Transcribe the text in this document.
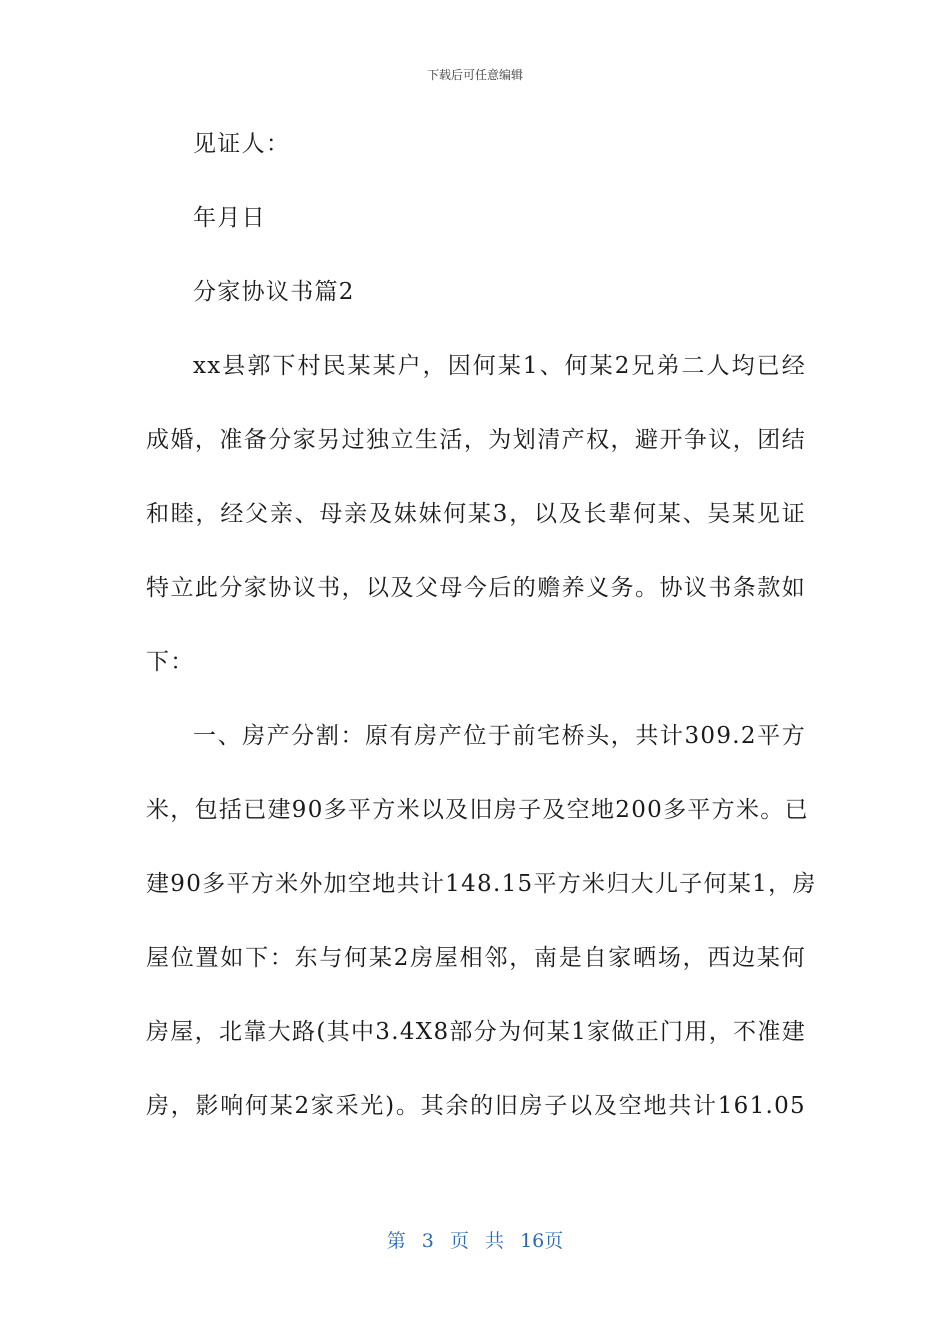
下载后可任意编辑
见证人：
年月日
分家协议书篇2
xx县郭下村民某某户，因何某1、何某2兄弟二人均已经
成婚，准备分家另过独立生活，为划清产权，避开争议，团结
和睦，经父亲、母亲及妹妹何某3，以及长辈何某、吴某见证
特立此分家协议书，以及父母今后的赡养义务。协议书条款如
下：
一、房产分割：原有房产位于前宅桥头，共计309.2平方
米，包括已建90多平方米以及旧房子及空地200多平方米。已
建90多平方米外加空地共计148.15平方米归大儿子何某1，房
屋位置如下：东与何某2房屋相邻，南是自家晒场，西边某何
房屋，北靠大路(其中3.4X8部分为何某1家做正门用，不准建
房，影响何某2家采光)。其余的旧房子以及空地共计161.05
第 3 页 共 16页
